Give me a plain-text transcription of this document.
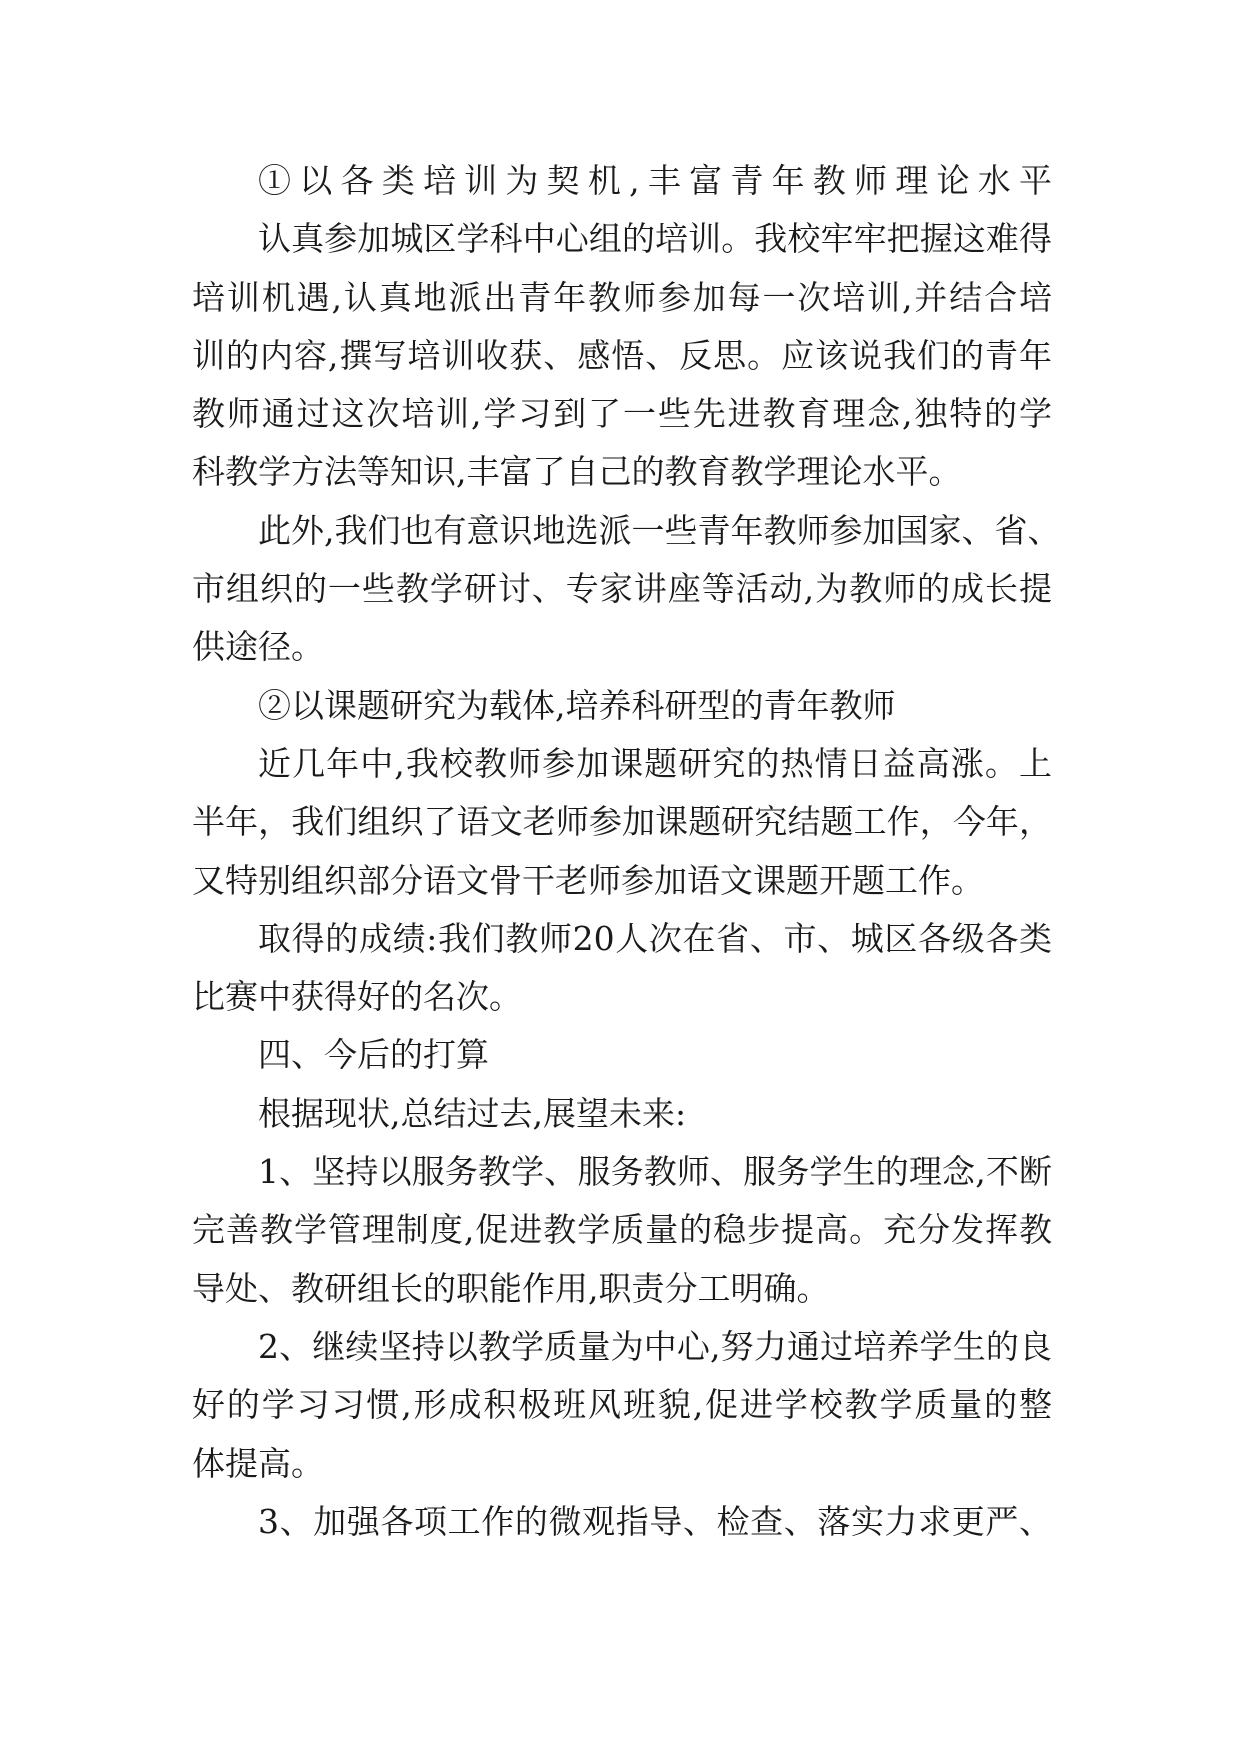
①以各类培训为契机,丰富青年教师理论水平
认真参加城区学科中心组的培训。我校牢牢把握这难得
培训机遇,认真地派出青年教师参加每一次培训,并结合培
训的内容,撰写培训收获、感悟、反思。应该说我们的青年
教师通过这次培训,学习到了一些先进教育理念,独特的学
科教学方法等知识,丰富了自己的教育教学理论水平。
此外,我们也有意识地选派一些青年教师参加国家、省、
市组织的一些教学研讨、专家讲座等活动,为教师的成长提
供途径。
②以课题研究为载体,培养科研型的青年教师
近几年中,我校教师参加课题研究的热情日益高涨。上
半年，我们组织了语文老师参加课题研究结题工作，今年，
又特别组织部分语文骨干老师参加语文课题开题工作。
取得的成绩:我们教师20人次在省、市、城区各级各类
比赛中获得好的名次。
四、今后的打算
根据现状,总结过去,展望未来:
1、坚持以服务教学、服务教师、服务学生的理念,不断
完善教学管理制度,促进教学质量的稳步提高。充分发挥教
导处、教研组长的职能作用,职责分工明确。
2、继续坚持以教学质量为中心,努力通过培养学生的良
好的学习习惯,形成积极班风班貌,促进学校教学质量的整
体提高。
3、加强各项工作的微观指导、检查、落实力求更严、
